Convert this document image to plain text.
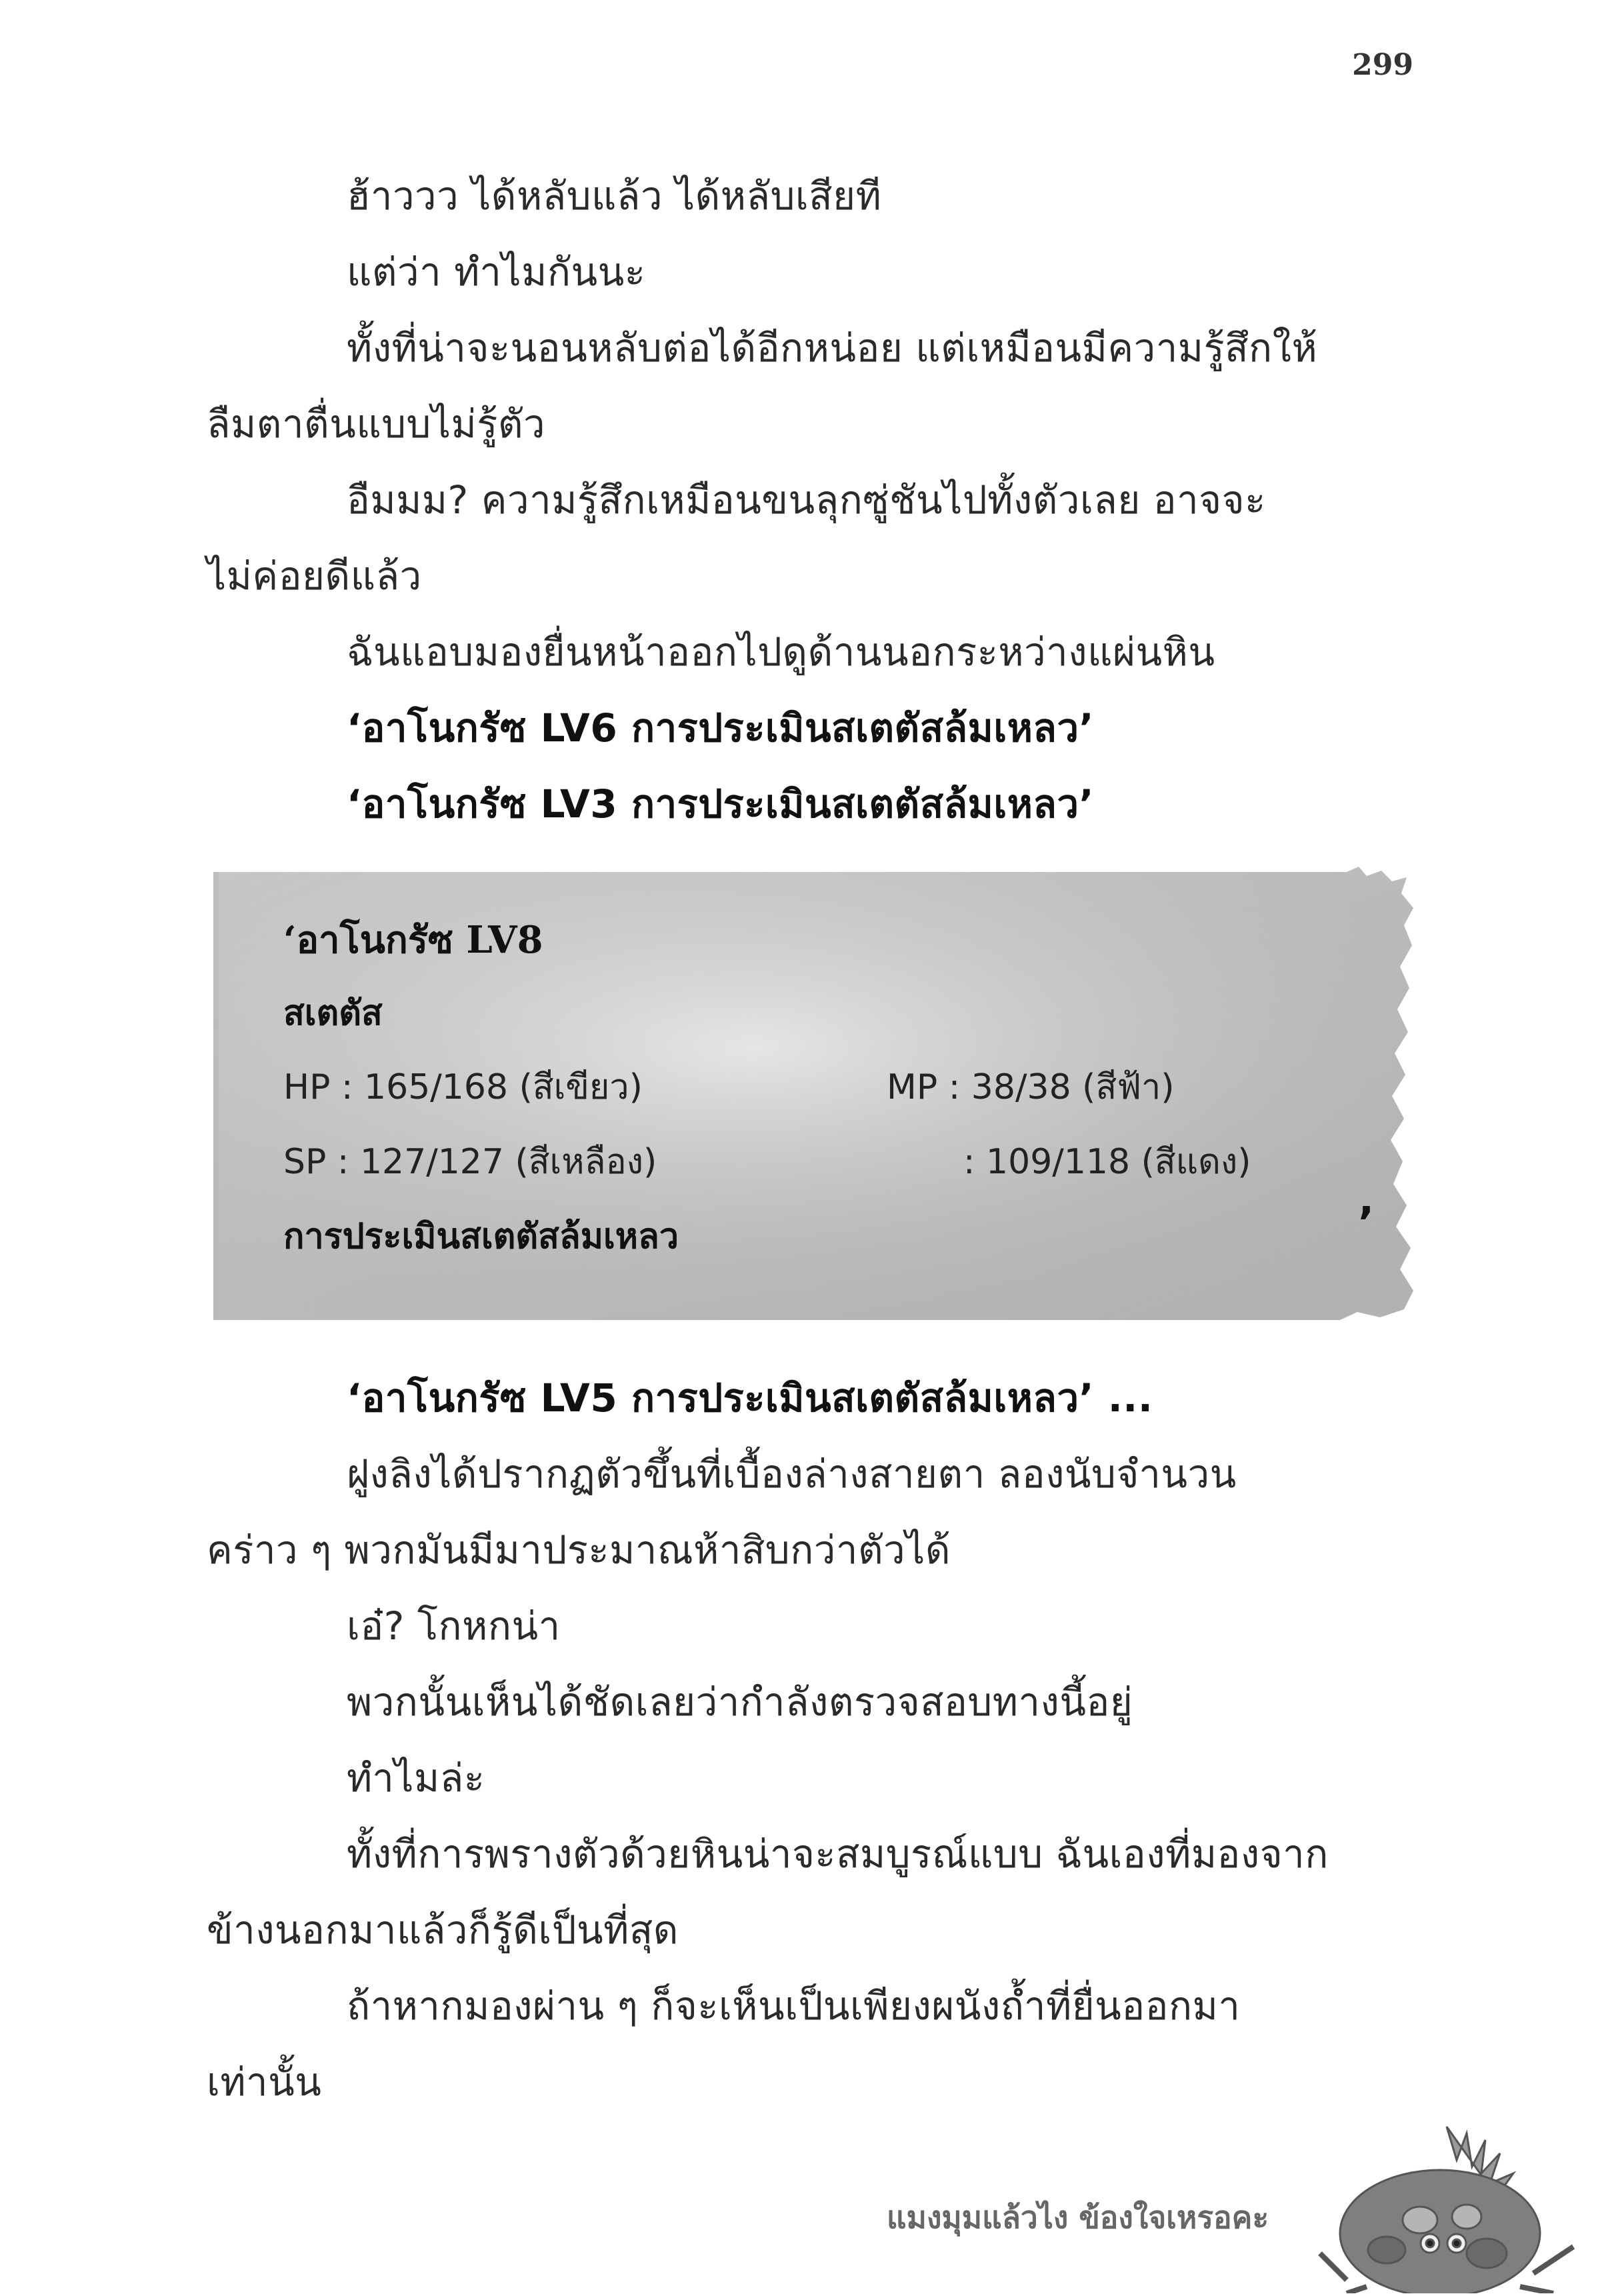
299
ฮ้าววว ได้หลับแล้ว ได้หลับเสียที
แต่ว่า ทำไมกันนะ
ทั้งที่น่าจะนอนหลับต่อได้อีกหน่อย แต่เหมือนมีความรู้สึกให้
ลืมตาตื่นแบบไม่รู้ตัว
อืมมม? ความรู้สึกเหมือนขนลุกซู่ชันไปทั้งตัวเลย อาจจะ
ไม่ค่อยดีแล้ว
ฉันแอบมองยื่นหน้าออกไปดูด้านนอกระหว่างแผ่นหิน
‘อาโนกรัซ LV6 การประเมินสเตตัสล้มเหลว’
‘อาโนกรัซ LV3 การประเมินสเตตัสล้มเหลว’
‘อาโนกรัซ LV8
สเตตัส
HP : 165/168 (สีเขียว)	MP : 38/38 (สีฟ้า)
SP : 127/127 (สีเหลือง)	: 109/118 (สีแดง)
การประเมินสเตตัสล้มเหลว	’
‘อาโนกรัซ LV5 การประเมินสเตตัสล้มเหลว’ ...
ฝูงลิงได้ปรากฏตัวขึ้นที่เบื้องล่างสายตา ลองนับจำนวน
คร่าว ๆ พวกมันมีมาประมาณห้าสิบกว่าตัวได้
เอ๋? โกหกน่า
พวกนั้นเห็นได้ชัดเลยว่ากำลังตรวจสอบทางนี้อยู่
ทำไมล่ะ
ทั้งที่การพรางตัวด้วยหินน่าจะสมบูรณ์แบบ ฉันเองที่มองจาก
ข้างนอกมาแล้วก็รู้ดีเป็นที่สุด
ถ้าหากมองผ่าน ๆ ก็จะเห็นเป็นเพียงผนังถ้ำที่ยื่นออกมา
เท่านั้น
แมงมุมแล้วไง ข้องใจเหรอคะ
